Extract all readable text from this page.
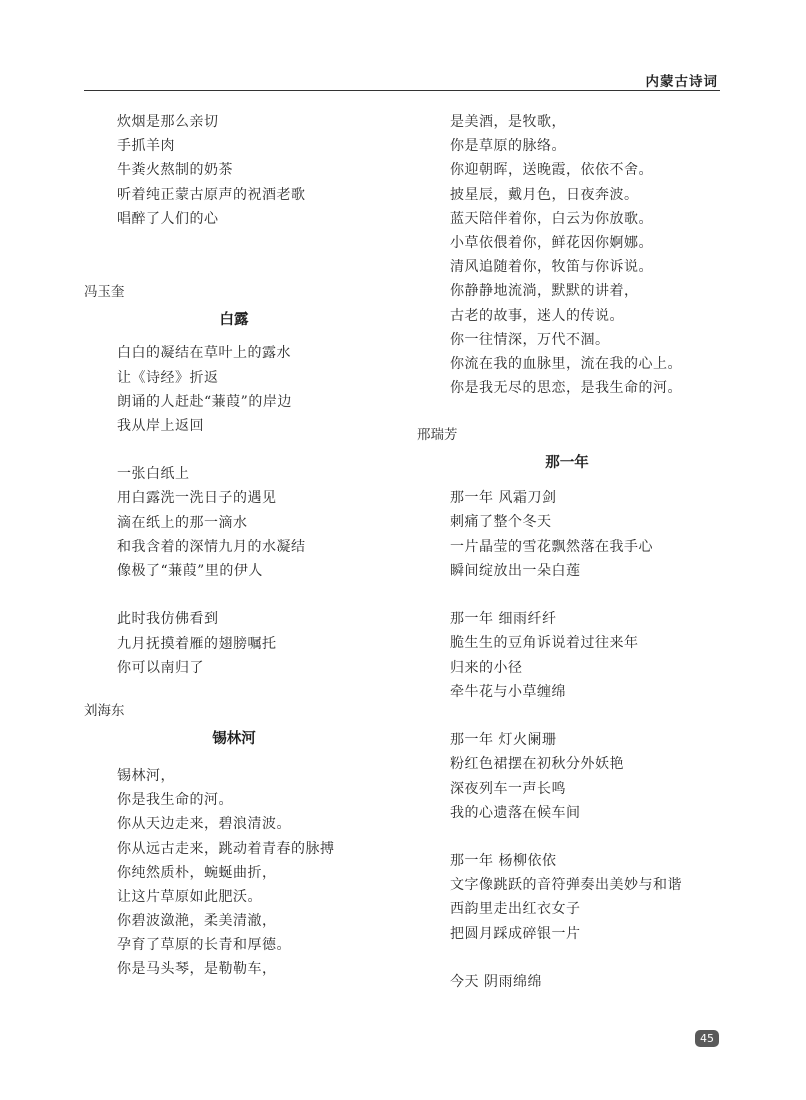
内蒙古诗词
炊烟是那么亲切
手抓羊肉
牛粪火熬制的奶茶
听着纯正蒙古原声的祝酒老歌
唱醉了人们的心
冯玉奎
白露
白白的凝结在草叶上的露水
让《诗经》折返
朗诵的人赶赴“蒹葭”的岸边
我从岸上返回
一张白纸上
用白露洗一洗日子的遇见
滴在纸上的那一滴水
和我含着的深情九月的水凝结
像极了“蒹葭”里的伊人
此时我仿佛看到
九月抚摸着雁的翅膀嘱托
你可以南归了
刘海东
锡林河
锡林河，
你是我生命的河。
你从天边走来，碧浪清波。
你从远古走来，跳动着青春的脉搏
你纯然质朴，蜿蜒曲折，
让这片草原如此肥沃。
你碧波潋滟，柔美清澈，
孕育了草原的长青和厚德。
你是马头琴，是勒勒车，
是美酒，是牧歌，
你是草原的脉络。
你迎朝晖，送晚霞，依依不舍。
披星辰，戴月色，日夜奔波。
蓝天陪伴着你，白云为你放歌。
小草依偎着你，鲜花因你婀娜。
清风追随着你，牧笛与你诉说。
你静静地流淌，默默的讲着，
古老的故事，迷人的传说。
你一往情深，万代不涸。
你流在我的血脉里，流在我的心上。
你是我无尽的思恋，是我生命的河。
邢瑞芳
那一年
那一年 风霜刀剑
刺痛了整个冬天
一片晶莹的雪花飘然落在我手心
瞬间绽放出一朵白莲
那一年 细雨纤纤
脆生生的豆角诉说着过往来年
归来的小径
牵牛花与小草缠绵
那一年 灯火阑珊
粉红色裙摆在初秋分外妖艳
深夜列车一声长鸣
我的心遗落在候车间
那一年 杨柳依依
文字像跳跃的音符弹奏出美妙与和谐
西韵里走出红衣女子
把圆月踩成碎银一片
今天 阴雨绵绵
45
